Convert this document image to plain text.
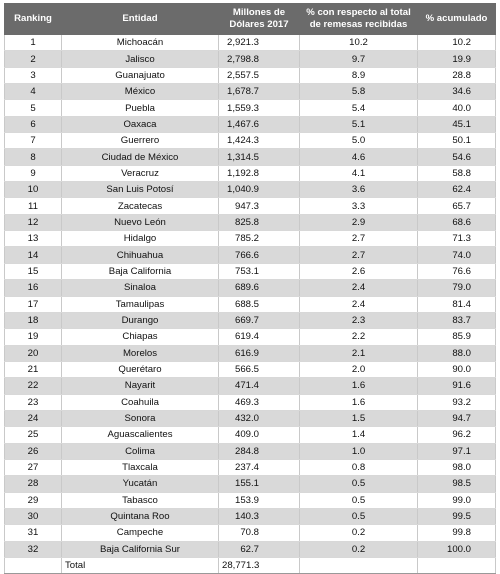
Ranking	Entidad	Millones de Dólares 2017	% con respecto al total de remesas recibidas	% acumulado
1	Michoacán	2,921.3	10.2	10.2
2	Jalisco	2,798.8	9.7	19.9
3	Guanajuato	2,557.5	8.9	28.8
4	México	1,678.7	5.8	34.6
5	Puebla	1,559.3	5.4	40.0
6	Oaxaca	1,467.6	5.1	45.1
7	Guerrero	1,424.3	5.0	50.1
8	Ciudad de México	1,314.5	4.6	54.6
9	Veracruz	1,192.8	4.1	58.8
10	San Luis Potosí	1,040.9	3.6	62.4
11	Zacatecas	947.3	3.3	65.7
12	Nuevo León	825.8	2.9	68.6
13	Hidalgo	785.2	2.7	71.3
14	Chihuahua	766.6	2.7	74.0
15	Baja California	753.1	2.6	76.6
16	Sinaloa	689.6	2.4	79.0
17	Tamaulipas	688.5	2.4	81.4
18	Durango	669.7	2.3	83.7
19	Chiapas	619.4	2.2	85.9
20	Morelos	616.9	2.1	88.0
21	Querétaro	566.5	2.0	90.0
22	Nayarit	471.4	1.6	91.6
23	Coahuila	469.3	1.6	93.2
24	Sonora	432.0	1.5	94.7
25	Aguascalientes	409.0	1.4	96.2
26	Colima	284.8	1.0	97.1
27	Tlaxcala	237.4	0.8	98.0
28	Yucatán	155.1	0.5	98.5
29	Tabasco	153.9	0.5	99.0
30	Quintana Roo	140.3	0.5	99.5
31	Campeche	70.8	0.2	99.8
32	Baja California Sur	62.7	0.2	100.0
	Total	28,771.3		
